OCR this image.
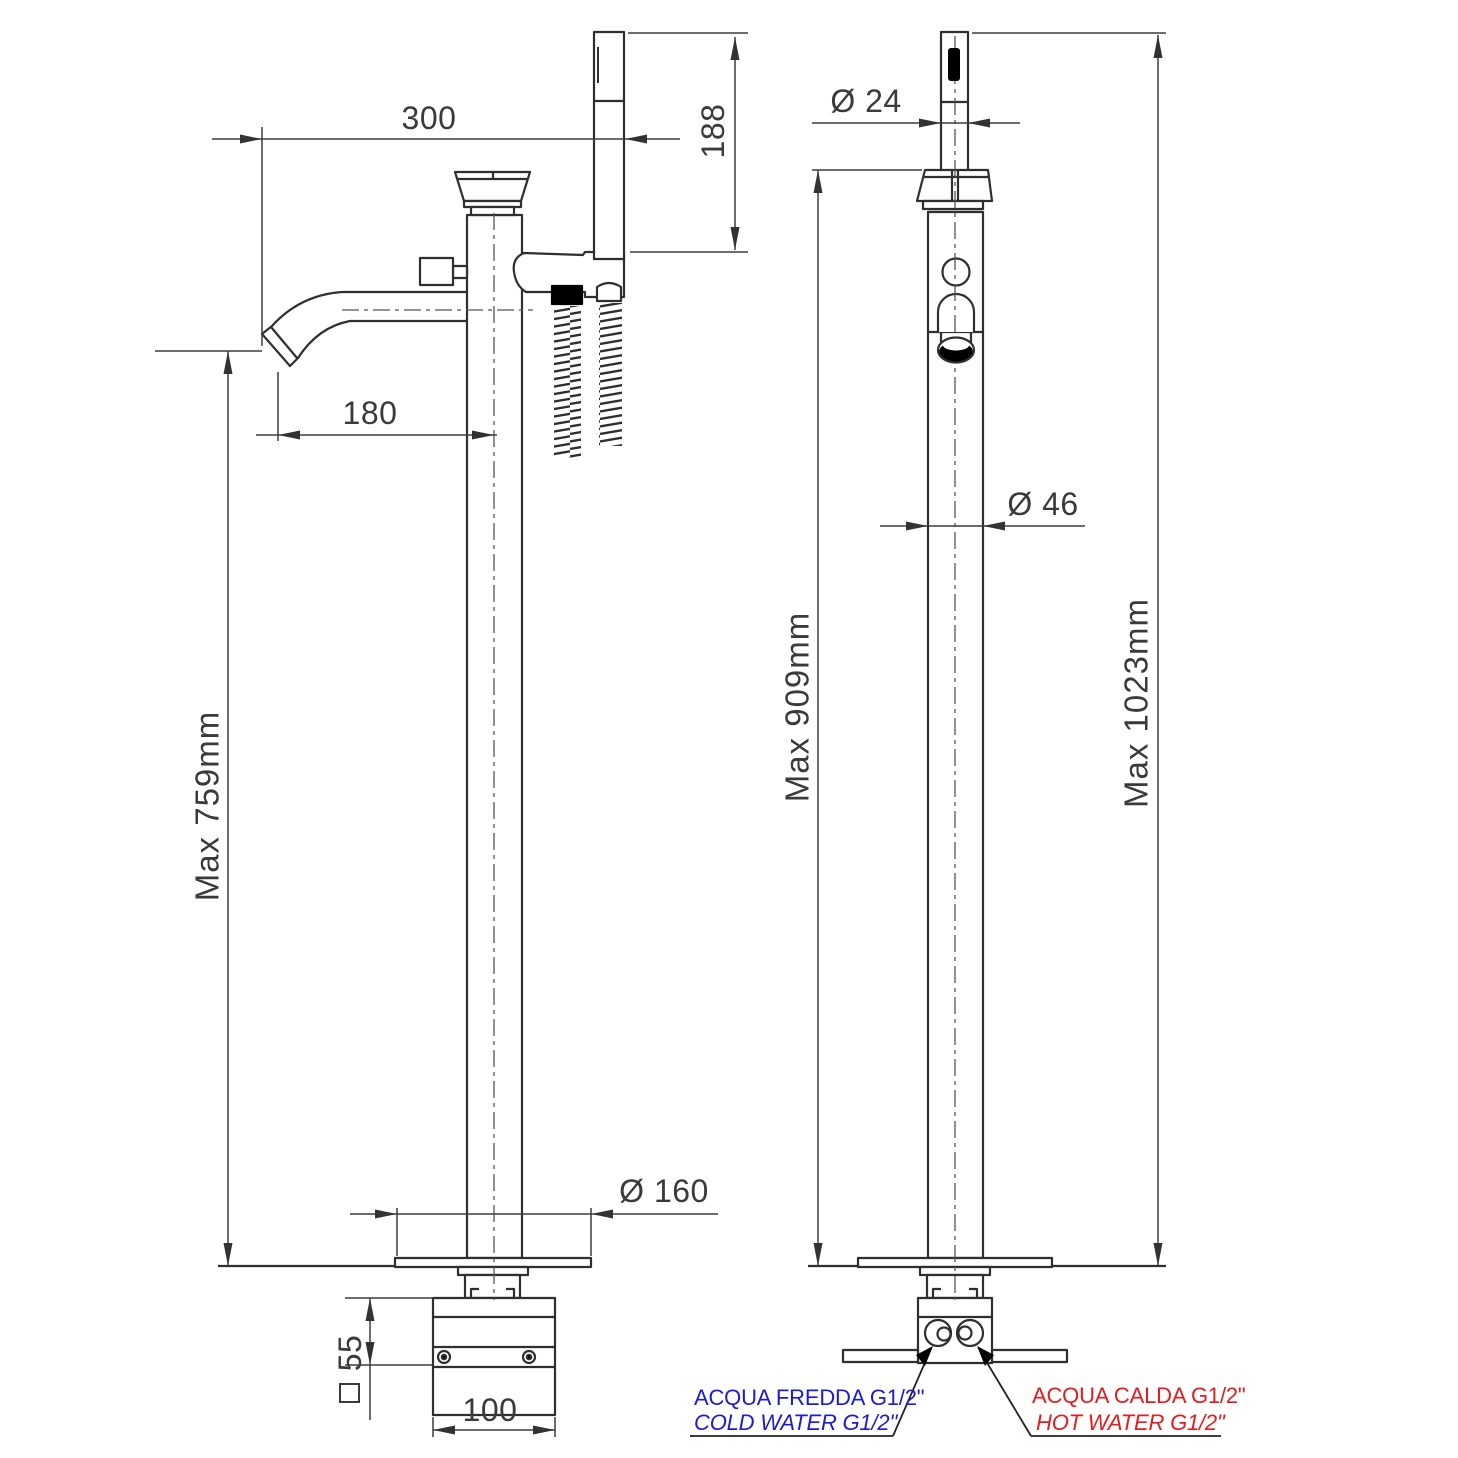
300	188
Ø 24
180
Ø 46
Max 759mm
Max 909mm	Max 1023mm
Ø 160
55
100	ACQUA FREDDA G1/2"
COLD WATER G1/2"
ACQUA CALDA G1/2"
HOT WATER G1/2"
